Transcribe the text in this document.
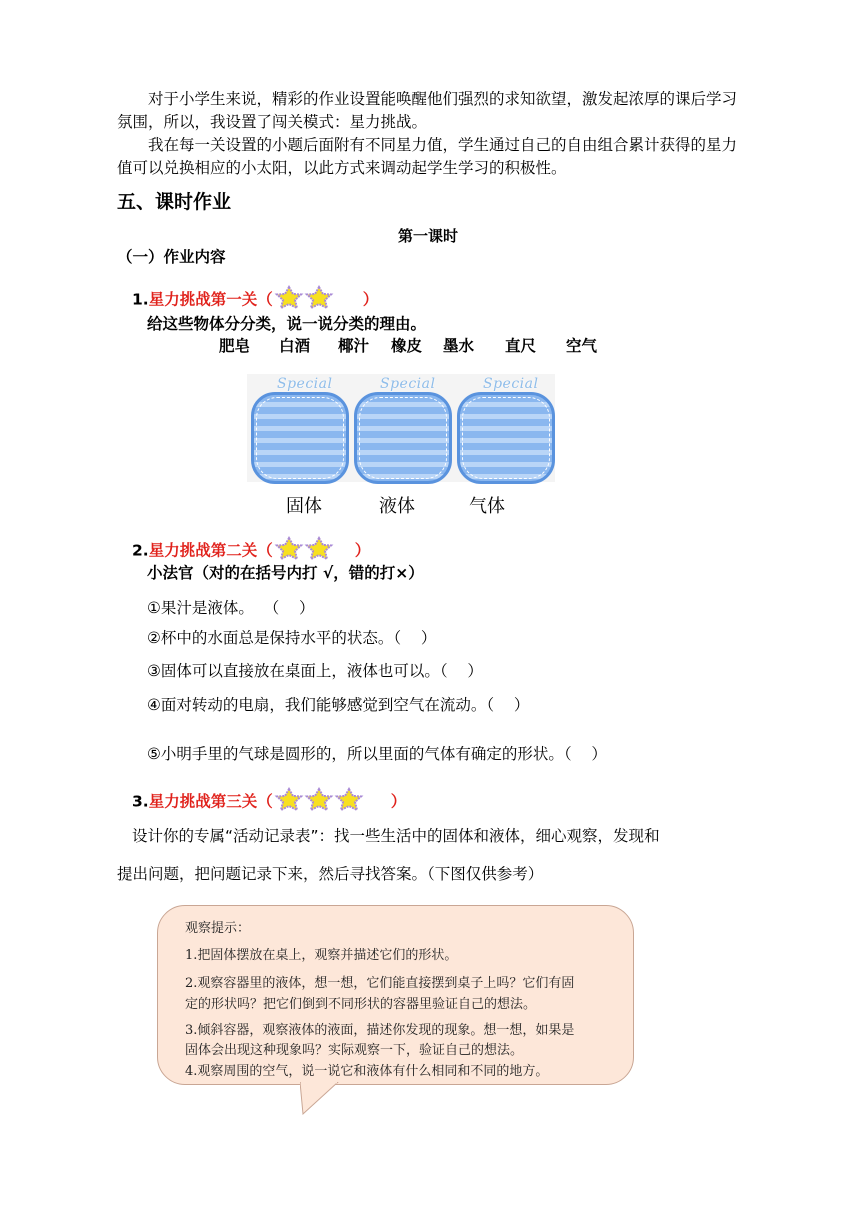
对于小学生来说，精彩的作业设置能唤醒他们强烈的求知欲望，激发起浓厚的课后学习氛围，所以，我设置了闯关模式：星力挑战。

我在每一关设置的小题后面附有不同星力值，学生通过自己的自由组合累计获得的星力值可以兑换相应的小太阳，以此方式来调动起学生学习的积极性。

五、课时作业
第一课时
（一）作业内容
1.星力挑战第一关（	）
给这些物体分分类，说一说分类的理由。
肥皂 白酒 椰汁 橡皮 墨水 直尺 空气
Special	Special	Special
固体	液体	气体
2.星力挑战第二关（	）
小法官（对的在括号内打 √，错的打×）
①果汁是液体。  （    ）
②杯中的水面总是保持水平的状态。（    ）
③固体可以直接放在桌面上，液体也可以。（    ）
④面对转动的电扇，我们能够感觉到空气在流动。（    ）
⑤小明手里的气球是圆形的，所以里面的气体有确定的形状。（    ）
3.星力挑战第三关（	）
设计你的专属“活动记录表”：找一些生活中的固体和液体，细心观察，发现和
提出问题，把问题记录下来，然后寻找答案。（下图仅供参考）
观察提示：
1.把固体摆放在桌上，观察并描述它们的形状。
2.观察容器里的液体，想一想，它们能直接摆到桌子上吗？它们有固
定的形状吗？把它们倒到不同形状的容器里验证自己的想法。
3.倾斜容器，观察液体的液面，描述你发现的现象。想一想，如果是
固体会出现这种现象吗？实际观察一下，验证自己的想法。
4.观察周围的空气，说一说它和液体有什么相同和不同的地方。
